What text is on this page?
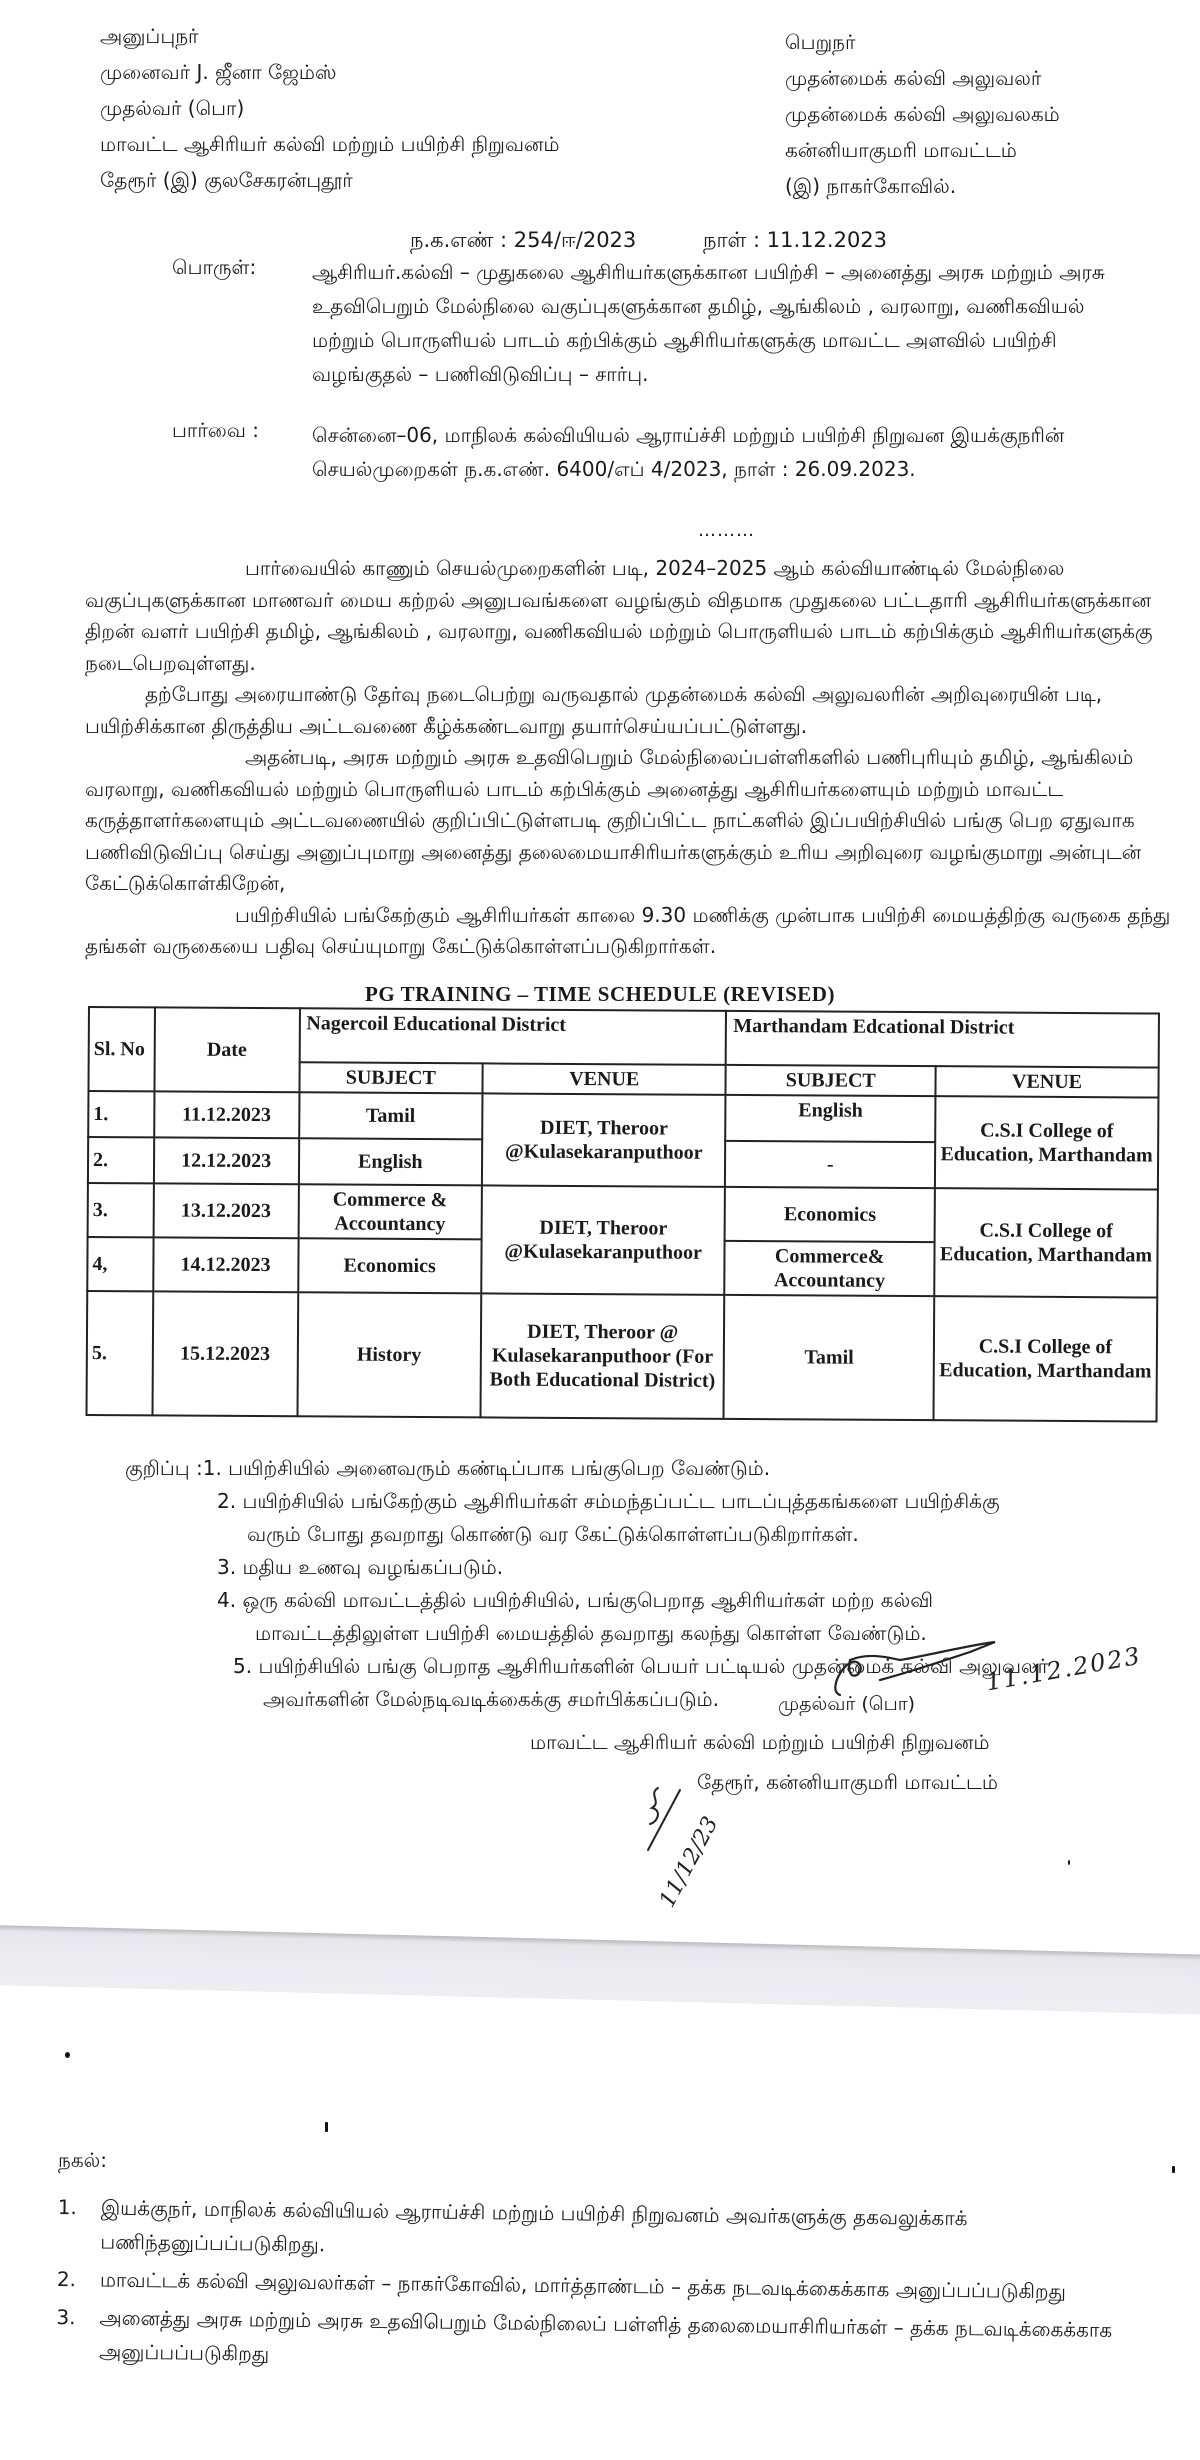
அனுப்புநர்
முனைவர் J. ஜீனா ஜேம்ஸ்
முதல்வர் (பொ)
மாவட்ட ஆசிரியர் கல்வி மற்றும் பயிற்சி நிறுவனம்
தேரூர் (இ) குலசேகரன்புதூர்
பெறுநர்
முதன்மைக் கல்வி அலுவலர்
முதன்மைக் கல்வி அலுவலகம்
கன்னியாகுமரி மாவட்டம்
(இ) நாகர்கோவில்.
ந.க.எண் : 254/ஈ/2023	நாள் : 11.12.2023
பொருள்:	ஆசிரியர்.கல்வி – முதுகலை ஆசிரியர்களுக்கான பயிற்சி – அனைத்து அரசு மற்றும் அரசு உதவிபெறும் மேல்நிலை வகுப்புகளுக்கான தமிழ், ஆங்கிலம் , வரலாறு, வணிகவியல் மற்றும் பொருளியல் பாடம் கற்பிக்கும் ஆசிரியர்களுக்கு மாவட்ட அளவில் பயிற்சி வழங்குதல் – பணிவிடுவிப்பு – சார்பு.
பார்வை :	சென்னை–06, மாநிலக் கல்வியியல் ஆராய்ச்சி மற்றும் பயிற்சி நிறுவன இயக்குநரின் செயல்முறைகள் ந.க.எண். 6400/எப் 4/2023, நாள் : 26.09.2023.
………

பார்வையில் காணும் செயல்முறைகளின் படி, 2024–2025 ஆம் கல்வியாண்டில் மேல்நிலை வகுப்புகளுக்கான மாணவர் மைய கற்றல் அனுபவங்களை வழங்கும் விதமாக முதுகலை பட்டதாரி ஆசிரியர்களுக்கான திறன் வளர் பயிற்சி தமிழ், ஆங்கிலம் , வரலாறு, வணிகவியல் மற்றும் பொருளியல் பாடம் கற்பிக்கும் ஆசிரியர்களுக்கு நடைபெறவுள்ளது.

தற்போது அரையாண்டு தேர்வு நடைபெற்று வருவதால் முதன்மைக் கல்வி அலுவலரின் அறிவுரையின் படி, பயிற்சிக்கான திருத்திய அட்டவணை கீழ்க்கண்டவாறு தயார்செய்யப்பட்டுள்ளது.

அதன்படி, அரசு மற்றும் அரசு உதவிபெறும் மேல்நிலைப்பள்ளிகளில் பணிபுரியும் தமிழ், ஆங்கிலம் வரலாறு, வணிகவியல் மற்றும் பொருளியல் பாடம் கற்பிக்கும் அனைத்து ஆசிரியர்களையும் மற்றும் மாவட்ட கருத்தாளர்களையும் அட்டவணையில் குறிப்பிட்டுள்ளபடி குறிப்பிட்ட நாட்களில் இப்பயிற்சியில் பங்கு பெற ஏதுவாக பணிவிடுவிப்பு செய்து அனுப்புமாறு அனைத்து தலைமையாசிரியர்களுக்கும் உரிய அறிவுரை வழங்குமாறு அன்புடன் கேட்டுக்கொள்கிறேன்,

பயிற்சியில் பங்கேற்கும் ஆசிரியர்கள் காலை 9.30 மணிக்கு முன்பாக பயிற்சி மையத்திற்கு வருகை தந்து தங்கள் வருகையை பதிவு செய்யுமாறு கேட்டுக்கொள்ளப்படுகிறார்கள்.

PG TRAINING – TIME SCHEDULE (REVISED)
Sl. No	Date	Nagercoil Educational District		Marthandam Edcational District	
		SUBJECT	VENUE	SUBJECT	VENUE
1.	11.12.2023	Tamil	DIET, Theroor @Kulasekaranputhoor	English	C.S.I College of Education, Marthandam
2.	12.12.2023	English		-	
3.	13.12.2023	Commerce & Accountancy	DIET, Theroor @Kulasekaranputhoor	Economics	C.S.I College of Education, Marthandam
4,	14.12.2023	Economics		Commerce& Accountancy	
5.	15.12.2023	History	DIET, Theroor @ Kulasekaranputhoor (For Both Educational District)	Tamil	C.S.I College of Education, Marthandam
குறிப்பு : 1. பயிற்சியில் அனைவரும் கண்டிப்பாக பங்குபெற வேண்டும்.
2. பயிற்சியில் பங்கேற்கும் ஆசிரியர்கள் சம்மந்தப்பட்ட பாடப்புத்தகங்களை பயிற்சிக்கு
வரும் போது தவறாது கொண்டு வர கேட்டுக்கொள்ளப்படுகிறார்கள்.
3. மதிய உணவு வழங்கப்படும்.
4. ஒரு கல்வி மாவட்டத்தில் பயிற்சியில், பங்குபெறாத ஆசிரியர்கள் மற்ற கல்வி
மாவட்டத்திலுள்ள பயிற்சி மையத்தில் தவறாது கலந்து கொள்ள வேண்டும்.
5. பயிற்சியில் பங்கு பெறாத ஆசிரியர்களின் பெயர் பட்டியல் முதன்மைக் கல்வி அலுவலர்
அவர்களின் மேல்நடிவடிக்கைக்கு சமர்பிக்கப்படும்.
11.12.2023
முதல்வர் (பொ)
மாவட்ட ஆசிரியர் கல்வி மற்றும் பயிற்சி நிறுவனம்
தேரூர், கன்னியாகுமரி மாவட்டம்
11/12/23
நகல்:
1.	இயக்குநர், மாநிலக் கல்வியியல் ஆராய்ச்சி மற்றும் பயிற்சி நிறுவனம் அவர்களுக்கு தகவலுக்காக் பணிந்தனுப்பப்படுகிறது.
2.	மாவட்டக் கல்வி அலுவலர்கள் – நாகர்கோவில், மார்த்தாண்டம் – தக்க நடவடிக்கைக்காக அனுப்பப்படுகிறது
3.	அனைத்து அரசு மற்றும் அரசு உதவிபெறும் மேல்நிலைப் பள்ளித் தலைமையாசிரியர்கள் – தக்க நடவடிக்கைக்காக அனுப்பப்படுகிறது
